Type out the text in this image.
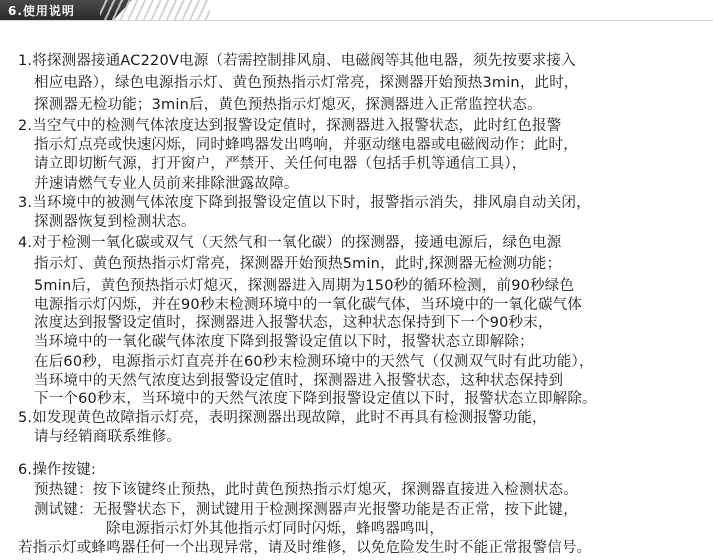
6.使用说明
1.将探测器接通AC220V电源（若需控制排风扇、电磁阀等其他电器，须先按要求接入
相应电路），绿色电源指示灯、黄色预热指示灯常亮，探测器开始预热3min，此时，
探测器无检功能；3min后，黄色预热指示灯熄灭，探测器进入正常监控状态。
2.当空气中的检测气体浓度达到报警设定值时，探测器进入报警状态，此时红色报警
指示灯点亮或快速闪烁，同时蜂鸣器发出鸣响，并驱动继电器或电磁阀动作；此时，
请立即切断气源，打开窗户，严禁开、关任何电器（包括手机等通信工具），
并速请燃气专业人员前来排除泄露故障。
3.当环境中的被测气体浓度下降到报警设定值以下时，报警指示消失，排风扇自动关闭，
探测器恢复到检测状态。
4.对于检测一氧化碳或双气（天然气和一氧化碳）的探测器，接通电源后，绿色电源
指示灯、黄色预热指示灯常亮，探测器开始预热5min，此时,探测器无检测功能；
5min后，黄色预热指示灯熄灭，探测器进入周期为150秒的循环检测，前90秒绿色
电源指示灯闪烁，并在90秒末检测环境中的一氧化碳气体，当环境中的一氧化碳气体
浓度达到报警设定值时，探测器进入报警状态，这种状态保持到下一个90秒末，
当环境中的一氧化碳气体浓度下降到报警设定值以下时，报警状态立即解除；
在后60秒，电源指示灯直亮并在60秒末检测环境中的天然气（仅测双气时有此功能），
当环境中的天然气浓度达到报警设定值时，探测器进入报警状态，这种状态保持到
下一个60秒末，当环境中的天然气浓度下降到报警设定值以下时，报警状态立即解除。
5.如发现黄色故障指示灯亮，表明探测器出现故障，此时不再具有检测报警功能，
请与经销商联系维修。
6.操作按键:
预热键：按下该键终止预热，此时黄色预热指示灯熄灭，探测器直接进入检测状态。
测试键：无报警状态下，测试键用于检测探测器声光报警功能是否正常，按下此键，
除电源指示灯外其他指示灯同时闪烁，蜂鸣器鸣叫，
若指示灯或蜂鸣器任何一个出现异常，请及时维修，以免危险发生时不能正常报警信号。
